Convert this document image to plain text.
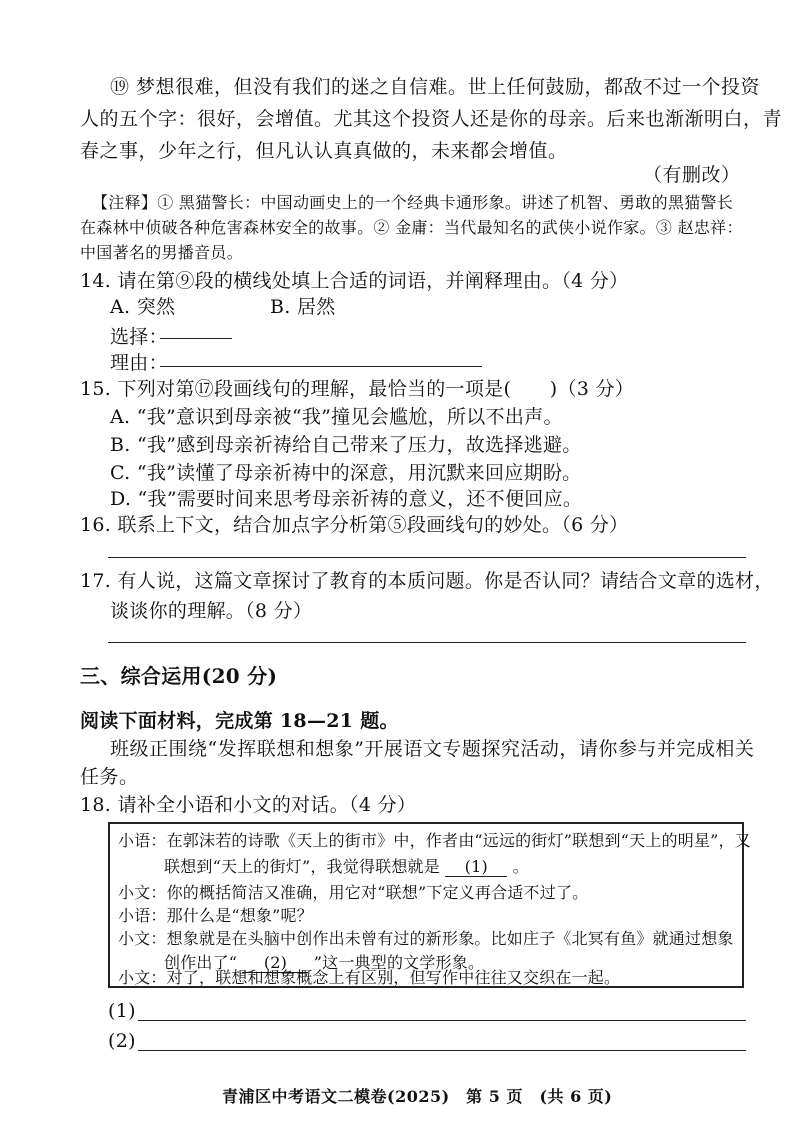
⑲ 梦想很难，但没有我们的迷之自信难。世上任何鼓励，都敌不过一个投资
人的五个字：很好，会增值。尤其这个投资人还是你的母亲。后来也渐渐明白，青
春之事，少年之行，但凡认认真真做的，未来都会增值。
（有删改）
【注释】① 黑猫警长：中国动画史上的一个经典卡通形象。讲述了机智、勇敢的黑猫警长
在森林中侦破各种危害森林安全的故事。② 金庸：当代最知名的武侠小说作家。③ 赵忠祥：
中国著名的男播音员。
14. 请在第⑨段的横线处填上合适的词语，并阐释理由。（4 分）
A. 突然	B. 居然
选择：
理由：
15. 下列对第⑰段画线句的理解，最恰当的一项是(　　)（3 分）
A. “我”意识到母亲被“我”撞见会尴尬，所以不出声。
B. “我”感到母亲祈祷给自己带来了压力，故选择逃避。
C. “我”读懂了母亲祈祷中的深意，用沉默来回应期盼。
D. “我”需要时间来思考母亲祈祷的意义，还不便回应。
16. 联系上下文，结合加点字分析第⑤段画线句的妙处。（6 分）
17. 有人说，这篇文章探讨了教育的本质问题。你是否认同？请结合文章的选材，
谈谈你的理解。（8 分）
三、综合运用(20 分)
阅读下面材料，完成第 18—21 题。
班级正围绕“发挥联想和想象”开展语文专题探究活动，请你参与并完成相关
任务。
18. 请补全小语和小文的对话。（4 分）
小语：在郭沫若的诗歌《天上的街市》中，作者由“远远的街灯”联想到“天上的明星”，又
联想到“天上的街灯”，我觉得联想就是 (1) 。
小文：你的概括简洁又准确，用它对“联想”下定义再合适不过了。
小语：那什么是“想象”呢？
小文：想象就是在头脑中创作出未曾有过的新形象。比如庄子《北冥有鱼》就通过想象
创作出了“ (2) ”这一典型的文学形象。
小文：对了，联想和想象概念上有区别，但写作中往往又交织在一起。
(1)
(2)
青浦区中考语文二模卷(2025)　第 5 页　(共 6 页)
